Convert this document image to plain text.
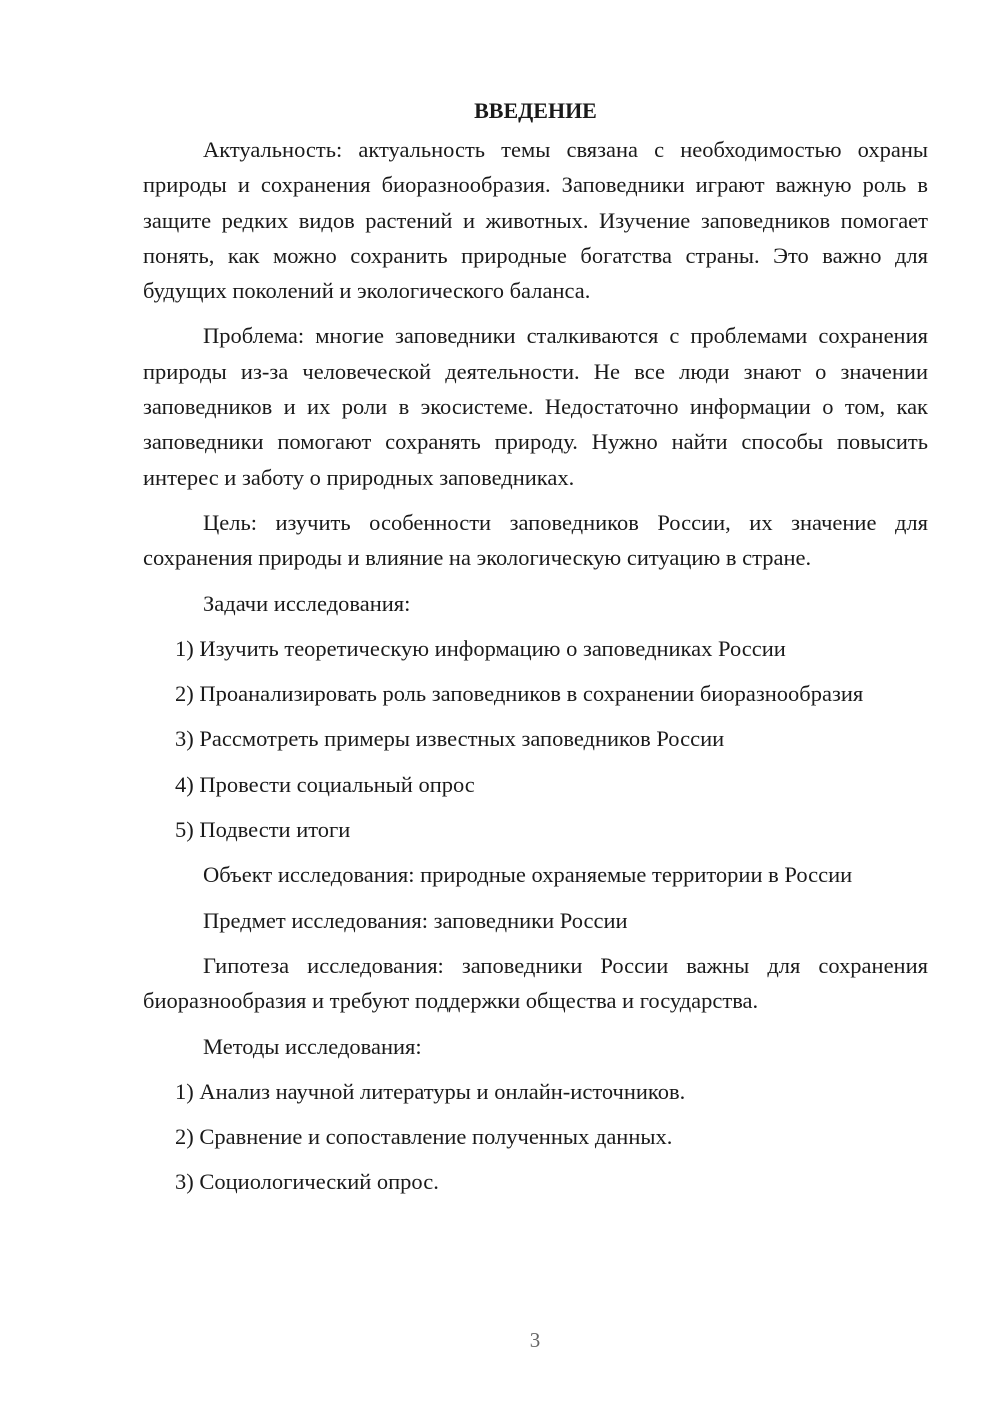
ВВЕДЕНИЕ

Актуальность: актуальность темы связана с необходимостью охраны природы и сохранения биоразнообразия. Заповедники играют важную роль в защите редких видов растений и животных. Изучение заповедников помогает понять, как можно сохранить природные богатства страны. Это важно для будущих поколений и экологического баланса.

Проблема: многие заповедники сталкиваются с проблемами сохранения природы из-за человеческой деятельности. Не все люди знают о значении заповедников и их роли в экосистеме. Недостаточно информации о том, как заповедники помогают сохранять природу. Нужно найти способы повысить интерес и заботу о природных заповедниках.

Цель: изучить особенности заповедников России, их значение для сохранения природы и влияние на экологическую ситуацию в стране.

Задачи исследования:

1) Изучить теоретическую информацию о заповедниках России

2) Проанализировать роль заповедников в сохранении биоразнообразия

3) Рассмотреть примеры известных заповедников России

4) Провести социальный опрос

5) Подвести итоги

Объект исследования: природные охраняемые территории в России

Предмет исследования: заповедники России

Гипотеза исследования: заповедники России важны для сохранения биоразнообразия и требуют поддержки общества и государства.

Методы исследования:

1) Анализ научной литературы и онлайн-источников.

2) Сравнение и сопоставление полученных данных.

3) Социологический опрос.

3
